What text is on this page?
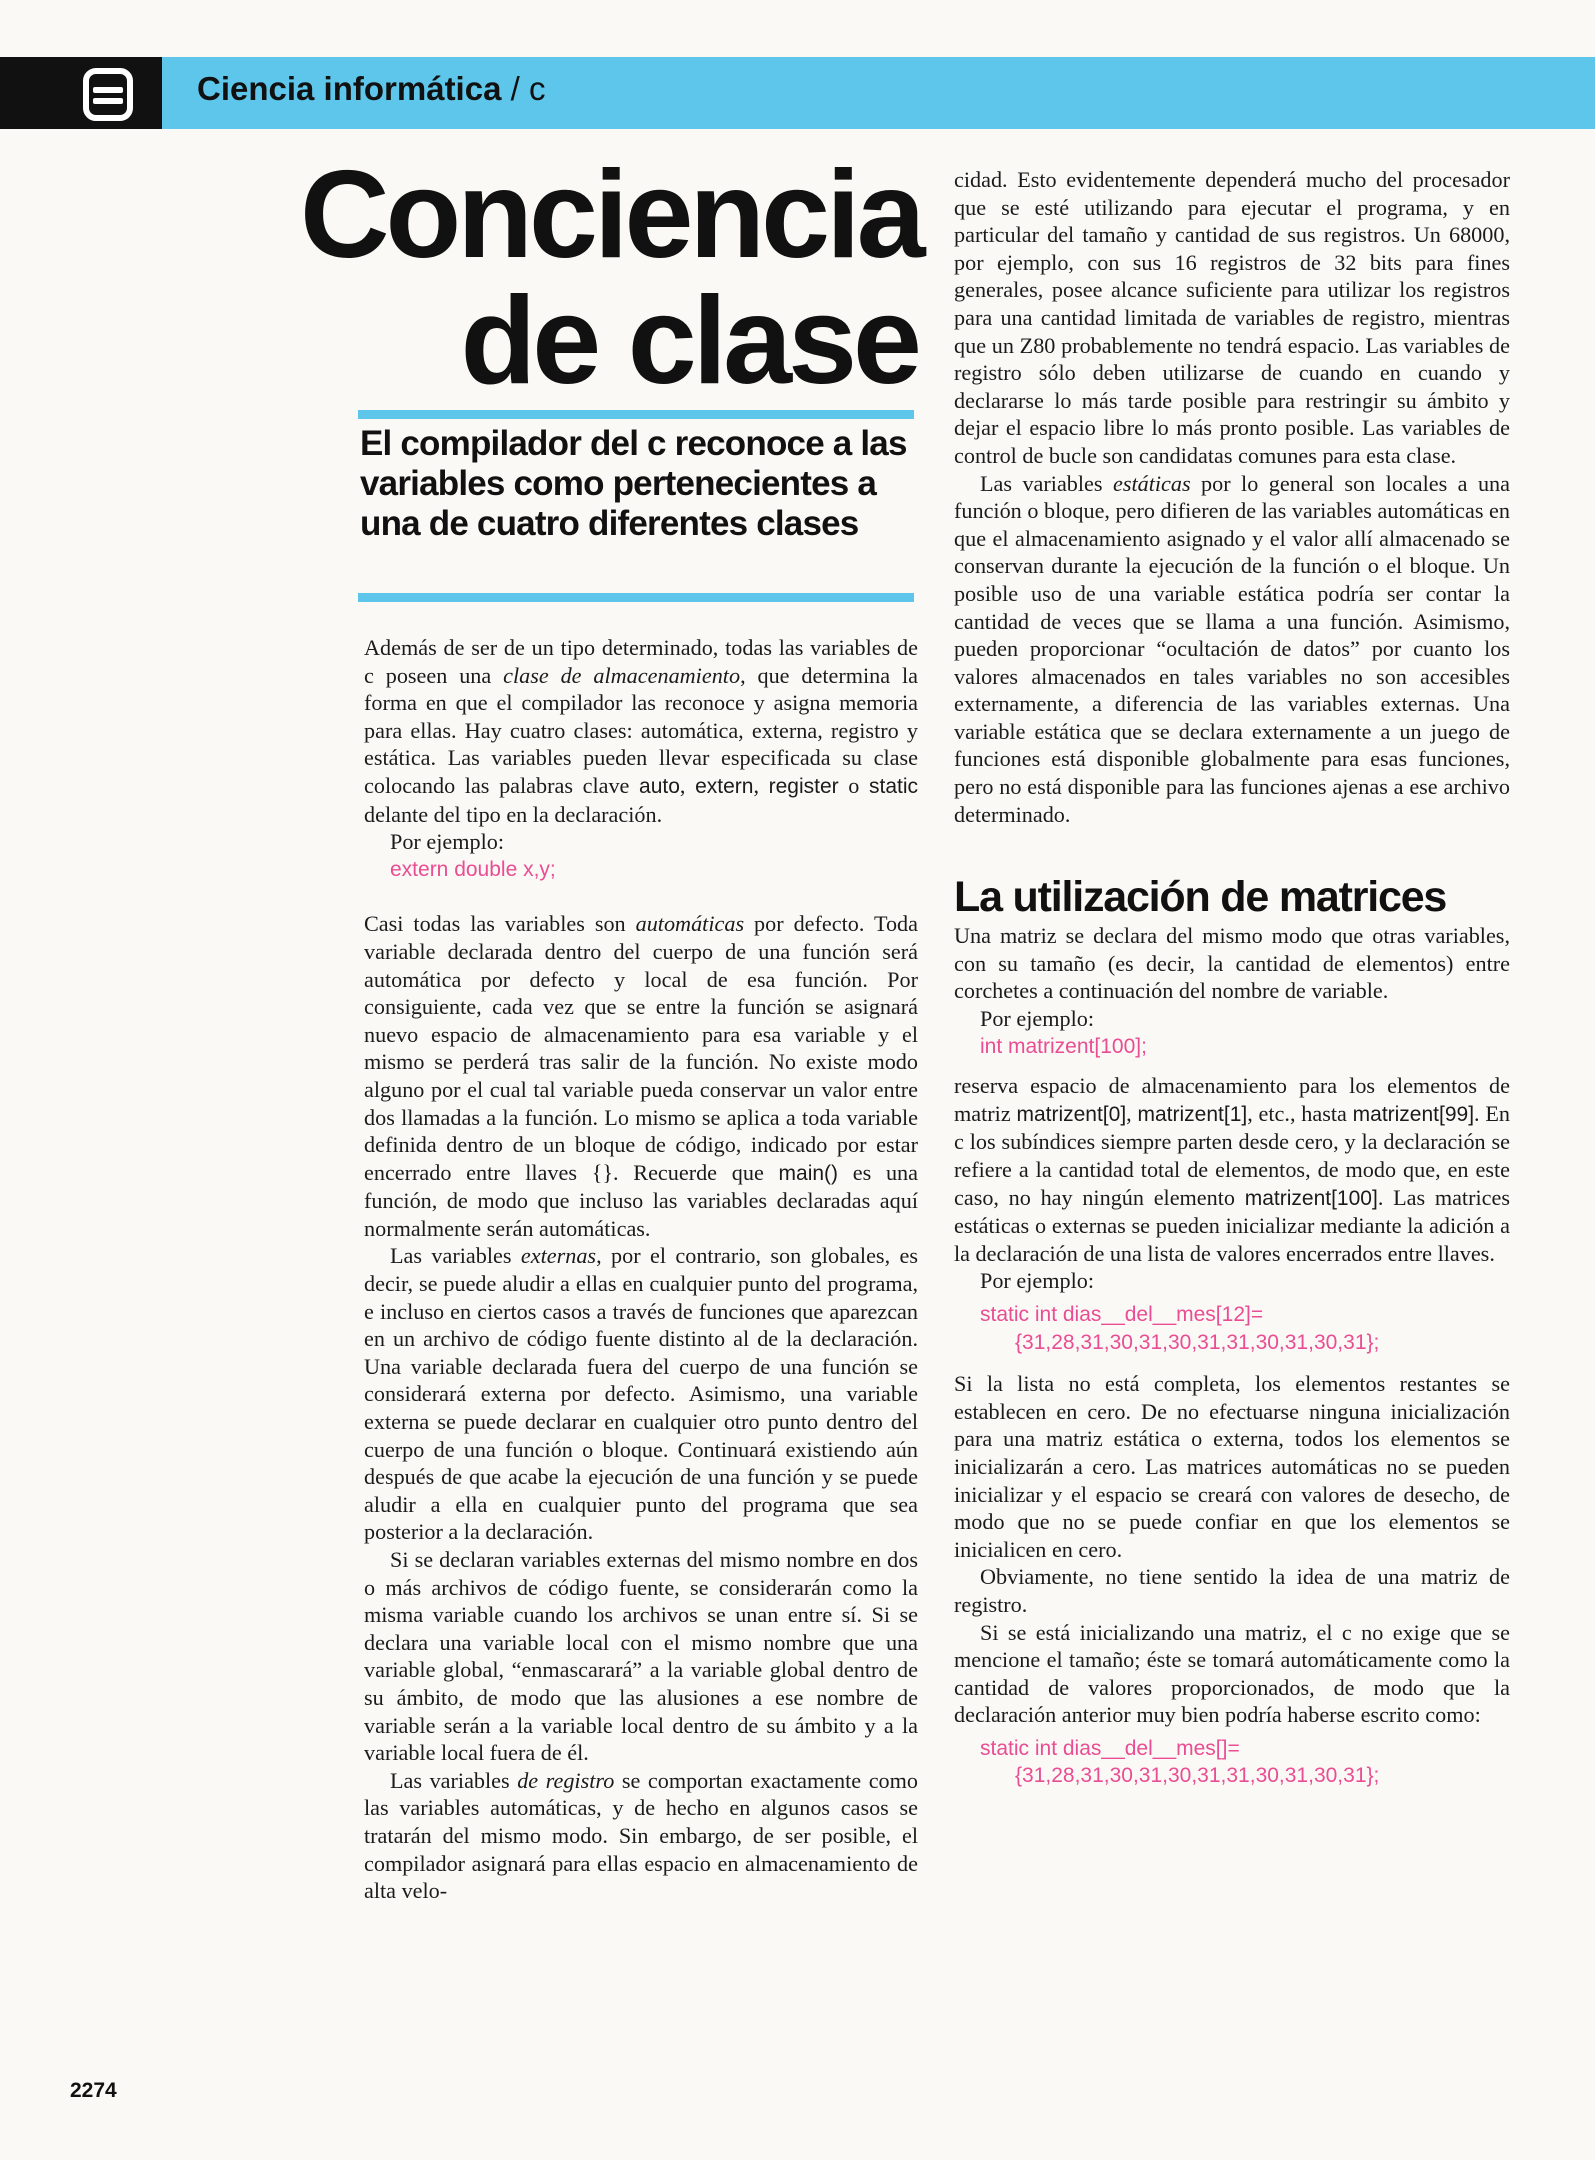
Ciencia informática / c
Conciencia
de clase
El compilador del c reconoce a las variables como pertenecientes a una de cuatro diferentes clases

Además de ser de un tipo determinado, todas las variables de c poseen una clase de almacenamiento, que determina la forma en que el compilador las reconoce y asigna memoria para ellas. Hay cuatro clases: automática, externa, registro y estática. Las variables pueden llevar especificada su clase colocando las palabras clave auto, extern, register o static delante del tipo en la declaración.

Por ejemplo:

extern double x,y;

Casi todas las variables son automáticas por defecto. Toda variable declarada dentro del cuerpo de una función será automática por defecto y local de esa función. Por consiguiente, cada vez que se entre la función se asignará nuevo espacio de almacenamiento para esa variable y el mismo se perderá tras salir de la función. No existe modo alguno por el cual tal variable pueda conservar un valor entre dos llamadas a la función. Lo mismo se aplica a toda variable definida dentro de un bloque de código, indicado por estar encerrado entre llaves {}. Recuerde que main() es una función, de modo que incluso las variables declaradas aquí normalmente serán automáticas.

Las variables externas, por el contrario, son globales, es decir, se puede aludir a ellas en cualquier punto del programa, e incluso en ciertos casos a través de funciones que aparezcan en un archivo de código fuente distinto al de la declaración. Una variable declarada fuera del cuerpo de una función se considerará externa por defecto. Asimismo, una variable externa se puede declarar en cualquier otro punto dentro del cuerpo de una función o bloque. Continuará existiendo aún después de que acabe la ejecución de una función y se puede aludir a ella en cualquier punto del programa que sea posterior a la declaración.

Si se declaran variables externas del mismo nombre en dos o más archivos de código fuente, se considerarán como la misma variable cuando los archivos se unan entre sí. Si se declara una variable local con el mismo nombre que una variable global, “enmascarará” a la variable global dentro de su ámbito, de modo que las alusiones a ese nombre de variable serán a la variable local dentro de su ámbito y a la variable local fuera de él.

Las variables de registro se comportan exactamente como las variables automáticas, y de hecho en algunos casos se tratarán del mismo modo. Sin embargo, de ser posible, el compilador asignará para ellas espacio en almacenamiento de alta velo-

cidad. Esto evidentemente dependerá mucho del procesador que se esté utilizando para ejecutar el programa, y en particular del tamaño y cantidad de sus registros. Un 68000, por ejemplo, con sus 16 registros de 32 bits para fines generales, posee alcance suficiente para utilizar los registros para una cantidad limitada de variables de registro, mientras que un Z80 probablemente no tendrá espacio. Las variables de registro sólo deben utilizarse de cuando en cuando y declararse lo más tarde posible para restringir su ámbito y dejar el espacio libre lo más pronto posible. Las variables de control de bucle son candidatas comunes para esta clase.

Las variables estáticas por lo general son locales a una función o bloque, pero difieren de las variables automáticas en que el almacenamiento asignado y el valor allí almacenado se conservan durante la ejecución de la función o el bloque. Un posible uso de una variable estática podría ser contar la cantidad de veces que se llama a una función. Asimismo, pueden proporcionar “ocultación de datos” por cuanto los valores almacenados en tales variables no son accesibles externamente, a diferencia de las variables externas. Una variable estática que se declara externamente a un juego de funciones está disponible globalmente para esas funciones, pero no está disponible para las funciones ajenas a ese archivo determinado.

La utilización de matrices

Una matriz se declara del mismo modo que otras variables, con su tamaño (es decir, la cantidad de elementos) entre corchetes a continuación del nombre de variable.

Por ejemplo:

int matrizent[100];

reserva espacio de almacenamiento para los elementos de matriz matrizent[0], matrizent[1], etc., hasta matrizent[99]. En c los subíndices siempre parten desde cero, y la declaración se refiere a la cantidad total de elementos, de modo que, en este caso, no hay ningún elemento matrizent[100]. Las matrices estáticas o externas se pueden inicializar mediante la adición a la declaración de una lista de valores encerrados entre llaves.

Por ejemplo:

static int dias__del__mes[12]=
{31,28,31,30,31,30,31,31,30,31,30,31};

Si la lista no está completa, los elementos restantes se establecen en cero. De no efectuarse ninguna inicialización para una matriz estática o externa, todos los elementos se inicializarán a cero. Las matrices automáticas no se pueden inicializar y el espacio se creará con valores de desecho, de modo que no se puede confiar en que los elementos se inicialicen en cero.

Obviamente, no tiene sentido la idea de una matriz de registro.

Si se está inicializando una matriz, el c no exige que se mencione el tamaño; éste se tomará automáticamente como la cantidad de valores proporcionados, de modo que la declaración anterior muy bien podría haberse escrito como:

static int dias__del__mes[]=
{31,28,31,30,31,30,31,31,30,31,30,31};
2274
